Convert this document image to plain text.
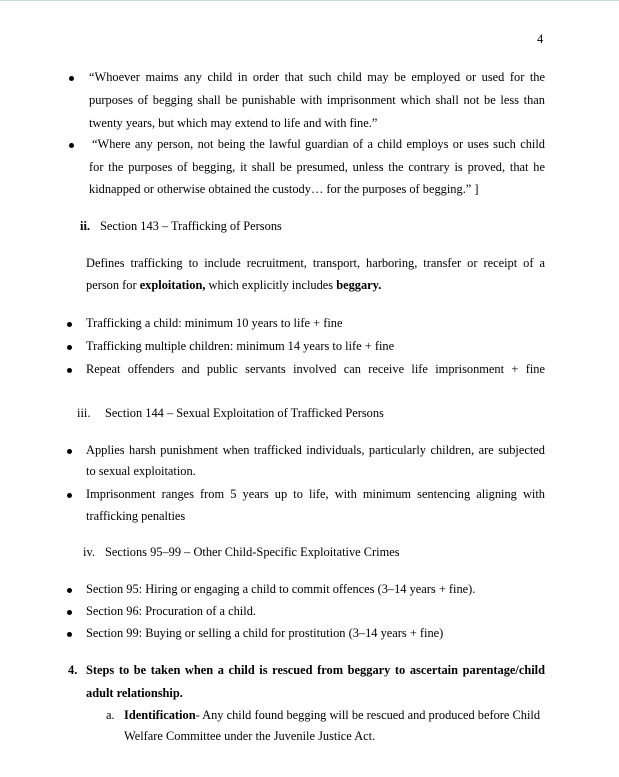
4
“Whoever maims any child in order that such child may be employed or used for the
purposes of begging shall be punishable with imprisonment which shall not be less than
twenty years, but which may extend to life and with fine.”
“Where any person, not being the lawful guardian of a child employs or uses such child
for the purposes of begging, it shall be presumed, unless the contrary is proved, that he
kidnapped or otherwise obtained the custody… for the purposes of begging.” ]
ii. Section 143 – Trafficking of Persons
Defines trafficking to include recruitment, transport, harboring, transfer or receipt of a
person for exploitation, which explicitly includes beggary.
Trafficking a child: minimum 10 years to life + fine
Trafficking multiple children: minimum 14 years to life + fine
Repeat offenders and public servants involved can receive life imprisonment + fine
iii. Section 144 – Sexual Exploitation of Trafficked Persons
Applies harsh punishment when trafficked individuals, particularly children, are subjected
to sexual exploitation.
Imprisonment ranges from 5 years up to life, with minimum sentencing aligning with
trafficking penalties
iv. Sections 95–99 – Other Child-Specific Exploitative Crimes
Section 95: Hiring or engaging a child to commit offences (3–14 years + fine).
Section 96: Procuration of a child.
Section 99: Buying or selling a child for prostitution (3–14 years + fine)
4. Steps to be taken when a child is rescued from beggary to ascertain parentage/child
adult relationship.
a. Identification- Any child found begging will be rescued and produced before Child
Welfare Committee under the Juvenile Justice Act.
